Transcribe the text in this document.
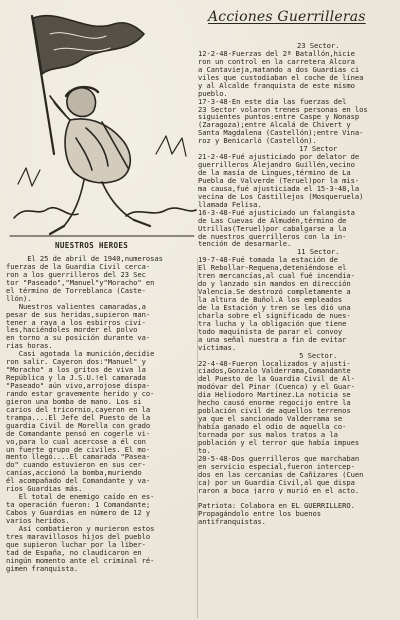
NUESTROS HEROES
El 25 de abril de 1940,numerosas
fuerzas de la Guardia Civil cerca-
ron a los guerrilleros del 23 Sec
tor "Paseado","Manuel"y"Moracho" en
el término de Torreblanca (Caste-
llón).
Nuestros valientes camaradas,a
pesar de sus heridas,supieron man-
tener a raya a los esbirros civi-
les,haciéndoles morder el polvo
en torno a su posición durante va-
rias horas.
Casi agotada la munición,decidie
ron salir. Cayeron dos:"Manuel" y
"Moracho" a los gritos de viva la
República y la J.S.U.!el camarada
"Paseado" aún vivo,arrojose dispa-
rando estar gravemente herido y co-
gieron una bomba de mano. Los si
carios del tricornio,cayeron en la
trampa....El Jefe del Puesto de la
guardia Civil de Morella con grado
de Comandante pensó en cogerle vi-
vo,para lo cual acercose a él con
un fuerte grupo de civiles. El mo-
mento llegó....El camarada "Pasea-
do" cuando estuvieron en sus cer-
canías,accionó la bomba,muriendo
él acompañado del Comandante y va-
rios Guardias más.
El total de enemigo caído en es-
ta operación fueron: 1 Comandante;
Cabos y Guardias en número de 12 y
varios heridos.
Así combatieron y murieron estos
tres maravillosos hijos del pueblo
que supieron luchar por la liber-
tad de España, no claudicaron en
ningún momento ante el criminal ré-
gimen franquista.
Acciones Guerrilleras
23 Sector.
12-2-48-Fuerzas del 2ª Batallón,hicie
ron un control en la carretera Alcora
a Cantavieja,matando a dos Guardias ci
viles que custodiaban el coche de línea
y al Alcalde franquista de este mismo
pueblo.
17-3-48-En este día las fuerzas del
23 Sector volaron trenes personas en los
siguientes puntos:entre Caspe y Nonasp
(Zaragoza);entre Alcalá de Chivert y
Santa Magdalena (Castellón);entre Vina-
roz y Benicarló (Castellón).
17 Sector
21-2-48-Fué ajusticiado por delator de
guerrilleros Alejandro Guillén,vecino
de la masía de Lingues,término de La
Puebla de Valverde (Teruel)por la mis-
ma causa,fué ajusticiada el 15-3-48,la
vecina de Los Castillejos (Mosqueruela)
llamada Felisa.
16-3-48-Fué ajusticiado un falangista
de Las Cuevas de Almudén,término de
Utrillas(Teruel)por cabalgarse a la
de nuestros guerrilleros con la in-
tención de desarmarle.
11 Sector.
19-7-48-Fué tomada la estación de
El Rebollar-Requena,deteniéndose el
tren mercancías,al cual fué incendia-
do y lanzado sin mandos en dirección
Valencia.Se destrozó completamente a
la altura de Buñol.A los empleados
de la Estación y tren se les dió una
charla sobre el significado de nues-
tra lucha y la obligación que tiene
todo maquinista de parar el convoy
a una señal nuestra a fin de evitar
víctimas.
5 Sector.
22-4-48-Fueron localizados y ajusti-
ciados,Gonzalo Valderrama,Comandante
del Puesto de la Guardia Civil de Al-
modóvar del Pinar (Cuenca) y el Guar-
dia Heliodoro Martínez.La noticia se
hecho causó enorme regocijo entre la
población civil de aquellos terrenos
ya que el sancionado Valderrama se
había ganado el odio de aquella co-
tornada por sus malos tratos a la
población y el terror que había impues
to.
20-5-48-Dos guerrilleros que marchaban
en servicio especial,fueron intercep-
dos en las cercanías de Cañizares (Cuen
ca) por un Guardia Civil,al que dispa
raron a boca jarro y murió en el acto.
Patriota: Colabora en EL GUERRILLERO.
Propagándolo entre los buenos
antifranquistas.
